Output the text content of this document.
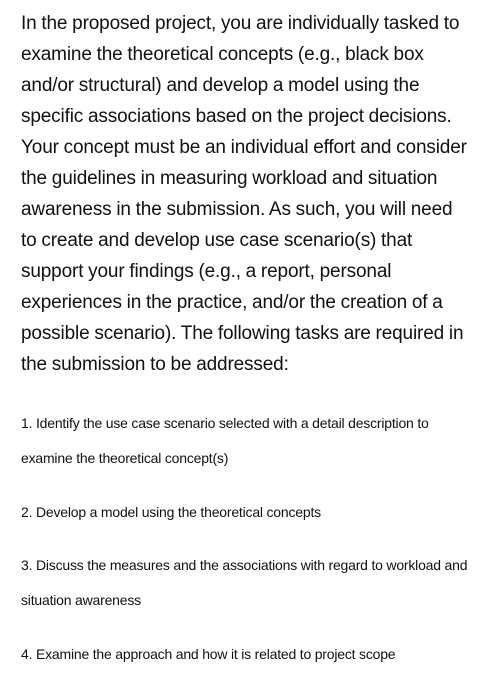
In the proposed project, you are individually tasked to examine the theoretical concepts (e.g., black box and/or structural) and develop a model using the specific associations based on the project decisions. Your concept must be an individual effort and consider the guidelines in measuring workload and situation awareness in the submission. As such, you will need to create and develop use case scenario(s) that support your findings (e.g., a report, personal experiences in the practice, and/or the creation of a possible scenario). The following tasks are required in the submission to be addressed:

1. Identify the use case scenario selected with a detail description to examine the theoretical concept(s)
2. Develop a model using the theoretical concepts
3. Discuss the measures and the associations with regard to workload and situation awareness
4. Examine the approach and how it is related to project scope
